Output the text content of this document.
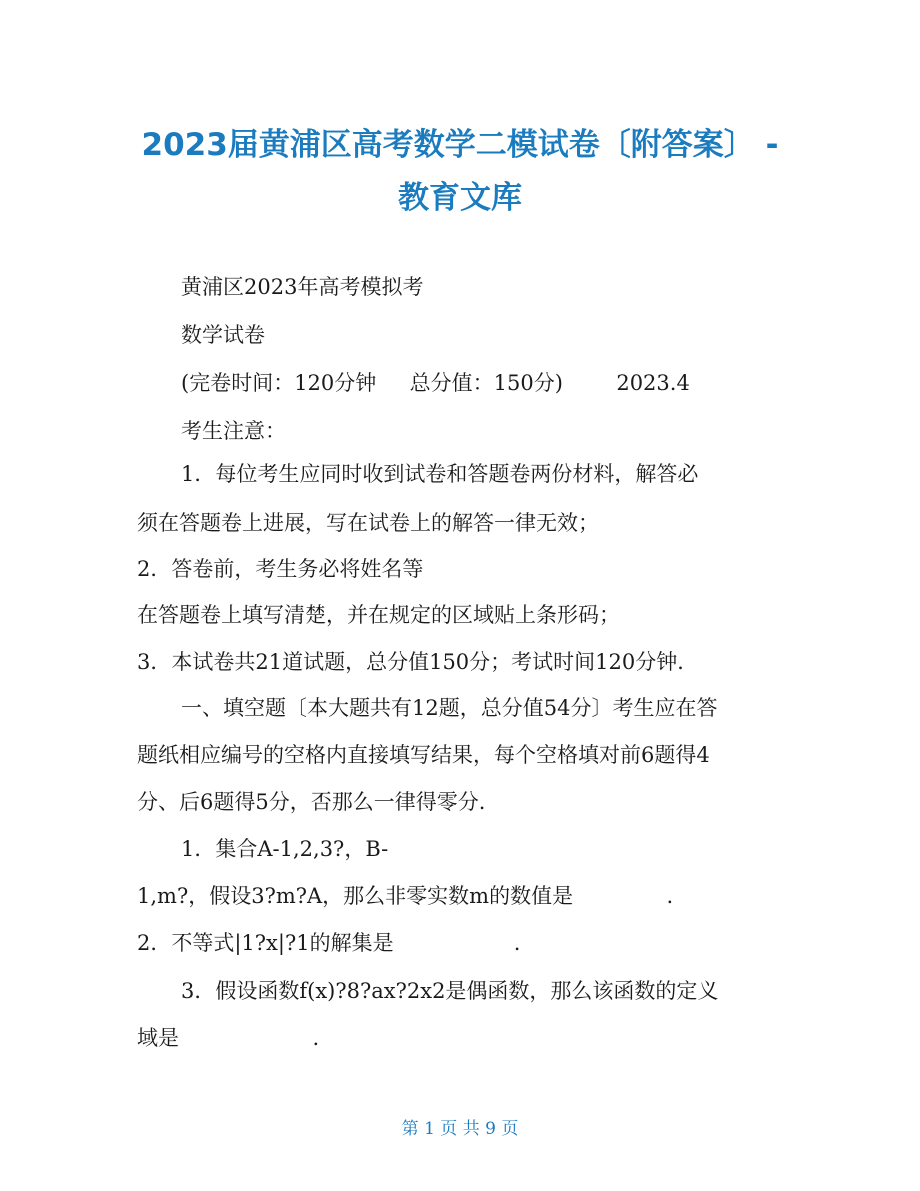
2023届黄浦区高考数学二模试卷〔附答案〕 -
教育文库

黄浦区2023年高考模拟考

数学试卷

(完卷时间：120分钟     总分值：150分)        2023.4

考生注意：

1．每位考生应同时收到试卷和答题卷两份材料，解答必

须在答题卷上进展，写在试卷上的解答一律无效；

2．答卷前，考生务必将姓名等

在答题卷上填写清楚，并在规定的区域贴上条形码；

3．本试卷共21道试题，总分值150分；考试时间120分钟．

一、填空题〔本大题共有12题，总分值54分〕考生应在答

题纸相应编号的空格内直接填写结果，每个空格填对前6题得4

分、后6题得5分，否那么一律得零分.

1．集合A-1,2,3?，B-

1,m?，假设3?m?A，那么非零实数m的数值是              .

2．不等式|1?x|?1的解集是                  .

3．假设函数f(x)?8?ax?2x2是偶函数，那么该函数的定义

域是                    .

第 1 页 共 9 页
